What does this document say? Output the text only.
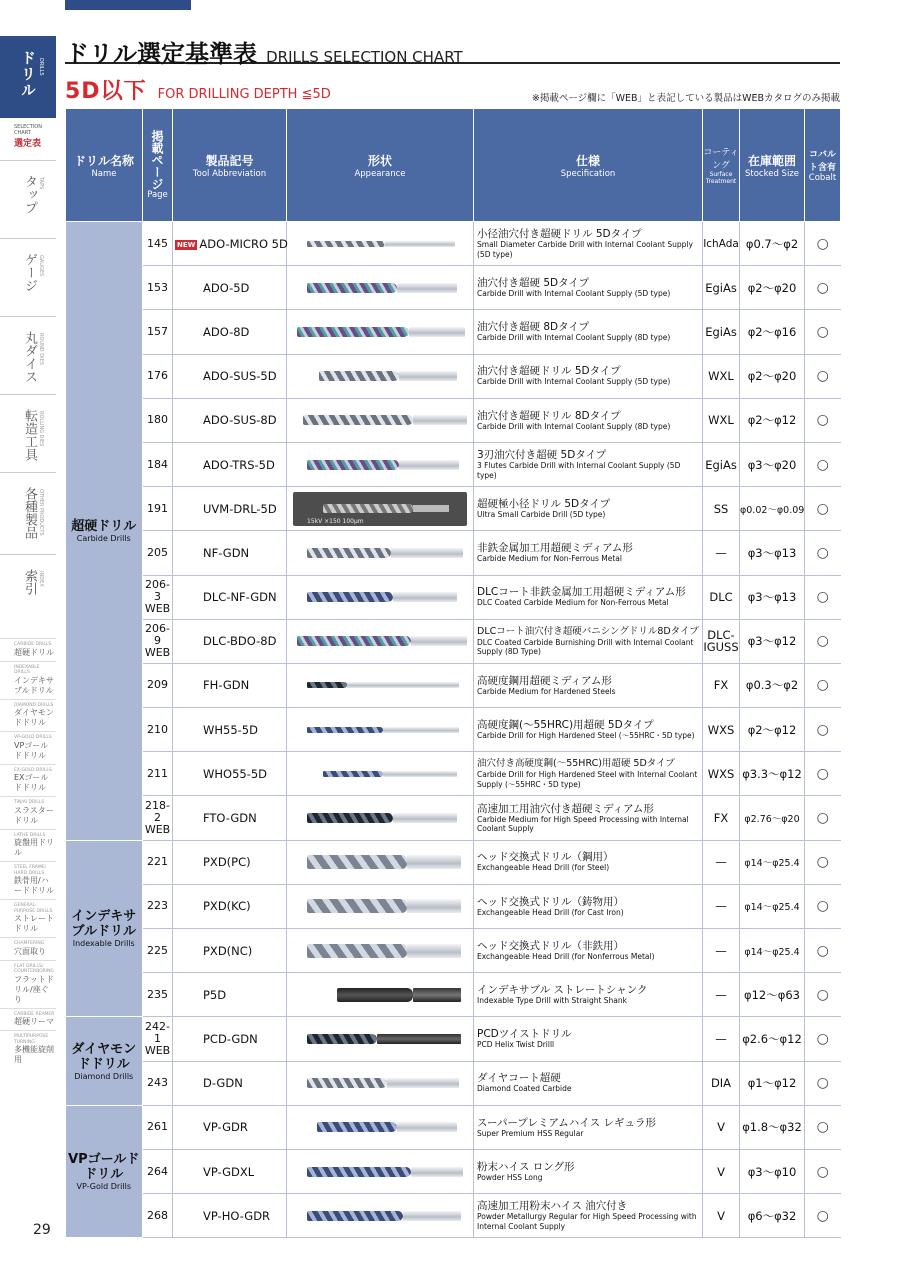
ドリル DRILLS
SELECTION CHART
選定表
タップ TAPS
ゲージ GAUGES
丸ダイス ROUND DIES
転造工具 ROLLING DIES
各種製品 OTHER PRODUCTS
索引 INDEX
CARBIDE DRILLS
超硬ドリル
INDEXABLE DRILLS
インデキサブルドリル
DIAMOND DRILLS
ダイヤモンドドリル
VP-GOLD DRILLS
VPゴールドドリル
EX-GOLD DRILLS
EXゴールドドリル
TiN/Al DRILLS
スラスタードリル
LATHE DRILLS
旋盤用ドリル
STEEL FRAME/ HARD DRILLS
鉄骨用/ハードドリル
GENERAL-PURPOSE DRILLS
ストレートドリル
CHAMFERING
穴面取り
FLAT DRILLS/ COUNTERBORING
フラットドリル/座ぐり
CARBIDE REAMER
超硬リーマ
MULTIPURPOSE TURNING
多機能旋削用
29
ドリル選定基準表 DRILLS SELECTION CHART
5D以下 FOR DRILLING DEPTH ≦5D	※掲載ページ欄に「WEB」と表記している製品はWEBカタログのみ掲載
ドリル名称
Name	掲載ページ
Page	製品記号
Tool Abbreviation	形状
Appearance	仕様
Specification	コーティング
Surface Treatment	在庫範囲
Stocked Size	コバルト含有
Cobalt

超硬ドリル
Carbide Drills	145	NEW ADO-MICRO 5D		小径油穴付き超硬ドリル 5Dタイプ
Small Diameter Carbide Drill with Internal Coolant Supply (5D type)	IchAda	φ0.7～φ2	○
	153	ADO-5D		油穴付き超硬 5Dタイプ
Carbide Drill with Internal Coolant Supply (5D type)	EgiAs	φ2～φ20	○
	157	ADO-8D		油穴付き超硬 8Dタイプ
Carbide Drill with Internal Coolant Supply (8D type)	EgiAs	φ2～φ16	○
	176	ADO-SUS-5D		油穴付き超硬ドリル 5Dタイプ
Carbide Drill with Internal Coolant Supply (5D type)	WXL	φ2～φ20	○
	180	ADO-SUS-8D		油穴付き超硬ドリル 8Dタイプ
Carbide Drill with Internal Coolant Supply (8D type)	WXL	φ2～φ12	○
	184	ADO-TRS-5D		3刃油穴付き超硬 5Dタイプ
3 Flutes Carbide Drill with Internal Coolant Supply (5D type)	EgiAs	φ3～φ20	○
	191	UVM-DRL-5D	15kV ×150 100μm	超硬極小径ドリル 5Dタイプ
Ultra Small Carbide Drill (5D type)	SS	φ0.02～φ0.09	○
	205	NF-GDN		非鉄金属加工用超硬ミディアム形
Carbide Medium for Non-Ferrous Metal	—	φ3～φ13	○
	206-3
WEB	DLC-NF-GDN		DLCコート非鉄金属加工用超硬ミディアム形
DLC Coated Carbide Medium for Non-Ferrous Metal	DLC	φ3～φ13	○
	206-9
WEB	DLC-BDO-8D		DLCコート油穴付き超硬バニシングドリル8Dタイプ
DLC Coated Carbide Burnishing Drill with Internal Coolant Supply (8D Type)	DLC-
IGUSS	φ3～φ12	○
	209	FH-GDN		高硬度鋼用超硬ミディアム形
Carbide Medium for Hardened Steels	FX	φ0.3～φ2	○
	210	WH55-5D		高硬度鋼(～55HRC)用超硬 5Dタイプ
Carbide Drill for High Hardened Steel (～55HRC・5D type)	WXS	φ2～φ12	○
	211	WHO55-5D		油穴付き高硬度鋼(～55HRC)用超硬 5Dタイプ
Carbide Drill for High Hardened Steel with Internal Coolant Supply (～55HRC・5D type)	WXS	φ3.3～φ12	○
	218-2
WEB	FTO-GDN		高速加工用油穴付き超硬ミディアム形
Carbide Medium for High Speed Processing with Internal Coolant Supply	FX	φ2.76～φ20	○

インデキサブルドリル
Indexable Drills	221	PXD(PC)		ヘッド交換式ドリル（鋼用）
Exchangeable Head Drill (for Steel)	—	φ14～φ25.4	○
	223	PXD(KC)		ヘッド交換式ドリル（鋳物用）
Exchangeable Head Drill (for Cast Iron)	—	φ14～φ25.4	○
	225	PXD(NC)		ヘッド交換式ドリル（非鉄用）
Exchangeable Head Drill (for Nonferrous Metal)	—	φ14～φ25.4	○
	235	P5D		インデキサブル ストレートシャンク
Indexable Type Drill with Straight Shank	—	φ12～φ63	○

ダイヤモンドドリル
Diamond Drills	242-1
WEB	PCD-GDN		PCDツイストドリル
PCD Helix Twist Drilll	—	φ2.6～φ12	○
	243	D-GDN		ダイヤコート超硬
Diamond Coated Carbide	DIA	φ1～φ12	○

VPゴールドドリル
VP-Gold Drills	261	VP-GDR		スーパープレミアムハイス レギュラ形
Super Premium HSS Regular	V	φ1.8～φ32	○
	264	VP-GDXL		粉末ハイス ロング形
Powder HSS Long	V	φ3～φ10	○
	268	VP-HO-GDR		高速加工用粉末ハイス 油穴付き
Powder Metallurgy Regular for High Speed Processing with Internal Coolant Supply	V	φ6～φ32	○
